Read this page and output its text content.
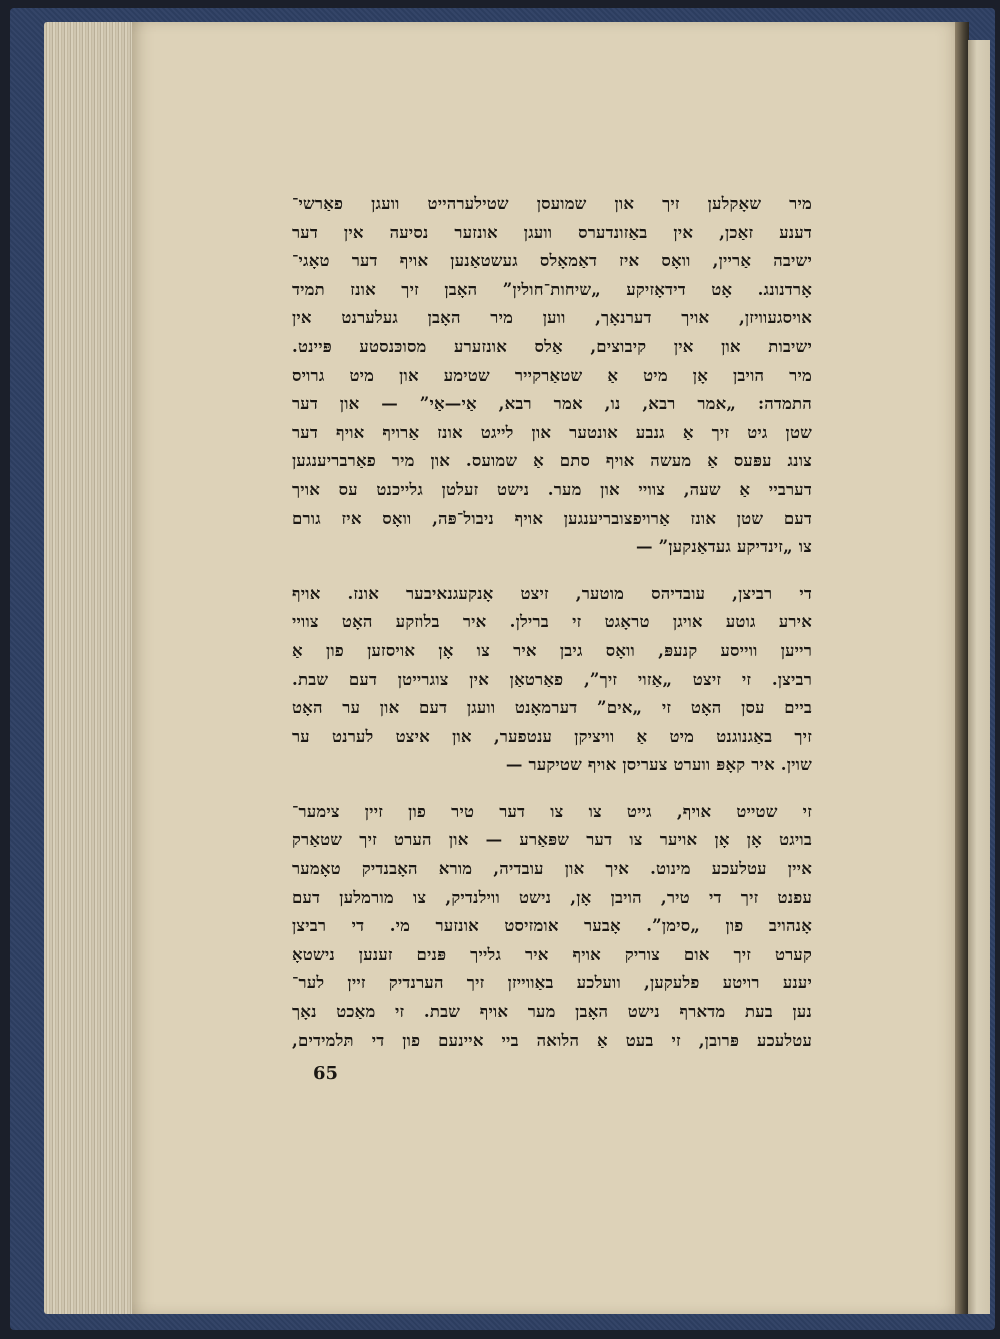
מיר שאָקלען זיך און שמועסן שטילערהייט וועגן פאַרשי־
דענע זאַכן, אין באַזונדערס וועגן אונזער נסיעה אין דער
ישיבה אַריין, וואָס איז דאַמאָלס געשטאַנען אויף דער טאָגי־
אָרדנונג. אָט דידאָזיקע „שיחות־חולין” האָבן זיך אונז תמיד
אויסגעוויזן, אויך דערנאָך, ווען מיר האָבן געלערנט אין
ישיבות און אין קיבוצים, אַלס אונזערע מסוכּנסטע פּיינט.
מיר הויבן אָן מיט אַ שטאַרקייר שטימע און מיט גרויס
התמדה: „אמר רבא, נו, אמר רבא, אַי—אַי” — און דער
שטן גיט זיך אַ גנבע אונטער און לייגט אונז אַרויף אויף דער
צונג עפּעס אַ מעשה אויף סתם אַ שמועס. און מיר פאַרבריענגען
דערביי אַ שעה, צוויי און מער. נישט זעלטן גלייכנט עס אויך
דעם שטן אונז אַרויפצובריענגען אויף ניבול־פּה, וואָס איז גורם
צו „זינדיקע געדאַנקען” —
די רביצן, עובדיהס מוטער, זיצט אָנקעגנאיבער אונז. אויף
אירע גוטע אויגן טראָגט זי ברילן. איר בלוזקע האָט צוויי
רייען ווייסע קנעפּ, וואָס גיבן איר צו אָן אויסזען פון אַ
רביצן. זי זיצט „אַזוי זיך”, פאַרטאַן אין צוגרייטן דעם שבת.
ביים עסן האָט זי „אים” דערמאָנט וועגן דעם און ער האָט
זיך באַגנוגנט מיט אַ וויציקן ענטפער, און איצט לערנט ער
שוין. איר קאָפּ ווערט צעריסן אויף שטיקער —
זי שטייט אויף, גייט צו צו דער טיר פון זיין צימער־
בויגט אָן אָן אויער צו דער שפּאַרע — און הערט זיך שטאַרק
איין עטלעכע מינוט. איך און עובדיה, מורא האָבנדיק טאָמער
עפנט זיך די טיר, הויבן אָן, נישט ווילנדיק, צו מורמלען דעם
אָנהויב פון „סימן”. אָבער אומזיסט אונזער מי. די רביצן
קערט זיך אום צוריק אויף איר גלייך פּנים זענען נישטאָ
יענע רויטע פלעקען, וועלכע באַווייזן זיך הערנדיק זיין לער־
נען בעת מדארף נישט האָבן מער אויף שבת. זי מאַכט נאָך
עטלעכע פּרובן, זי בעט אַ הלואה ביי איינעם פון די תּלמידים,
65
